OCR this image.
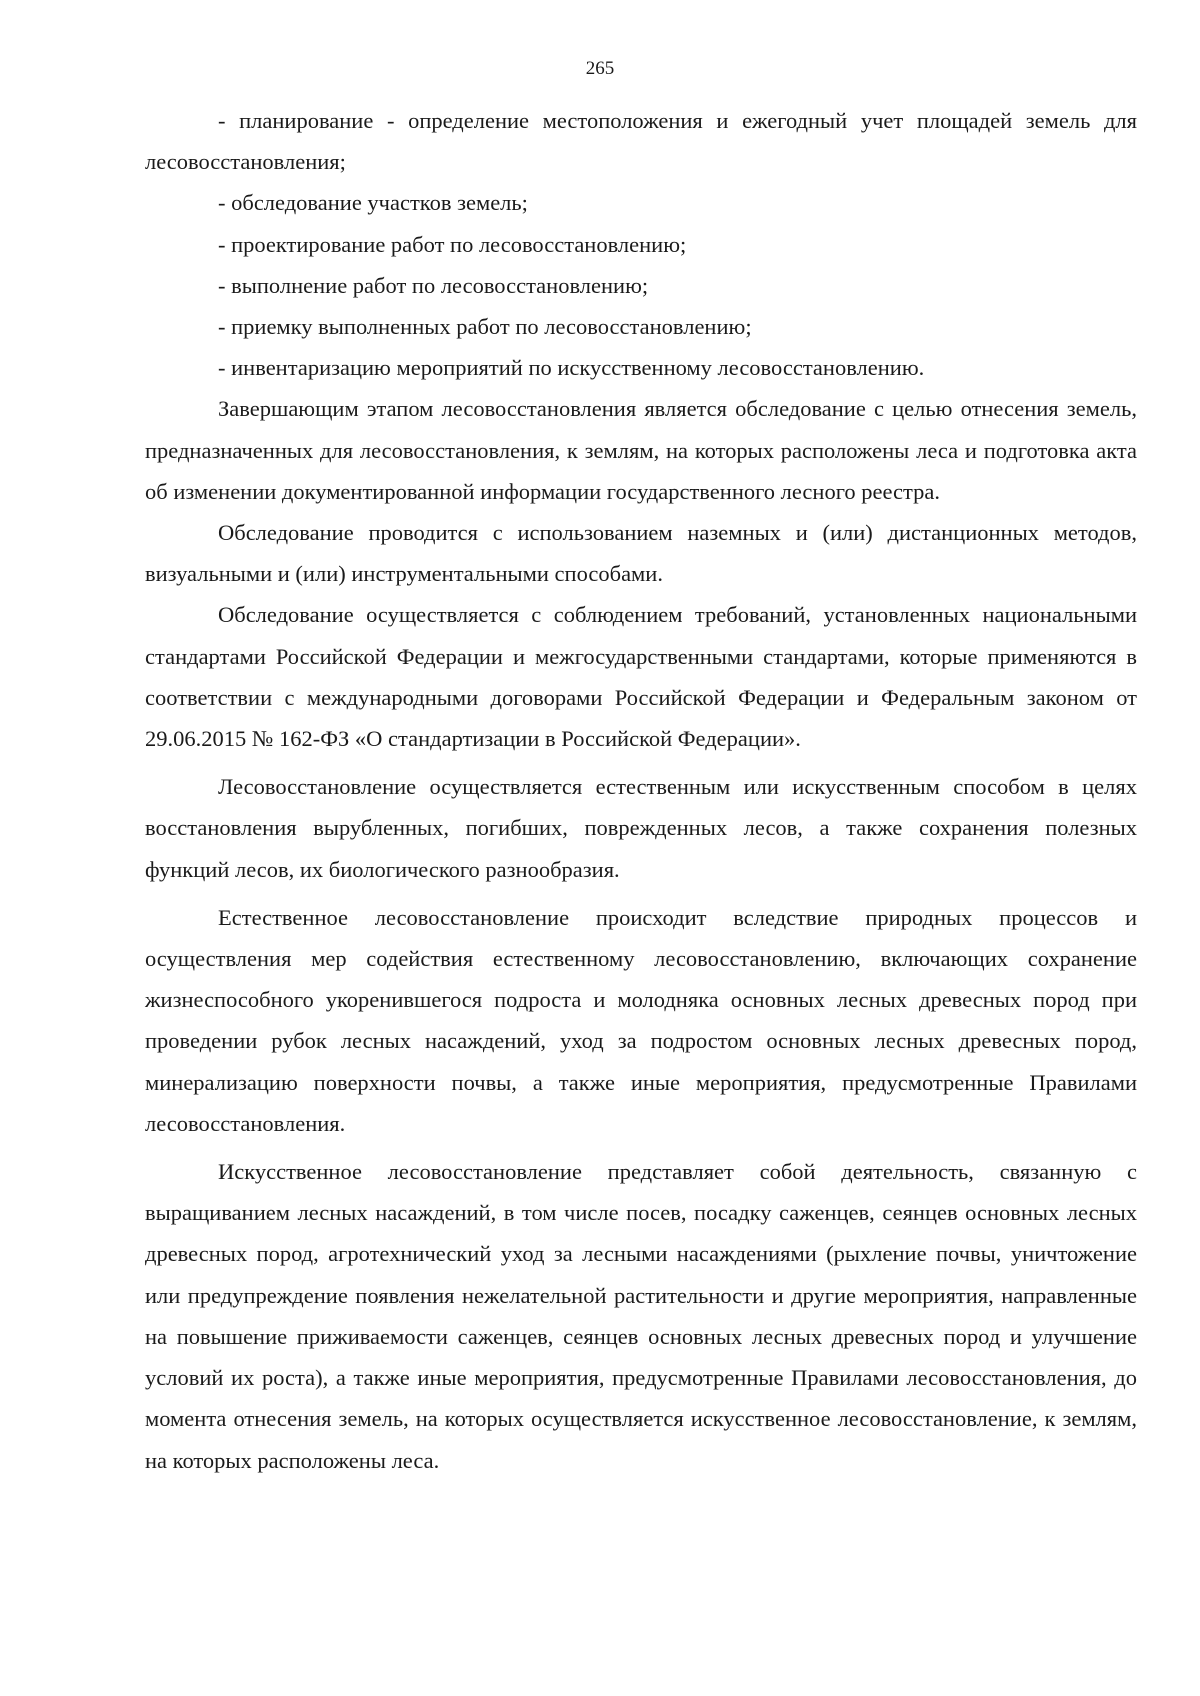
265

- планирование - определение местоположения и ежегодный учет площадей земель для лесовосстановления;

- обследование участков земель;

- проектирование работ по лесовосстановлению;

- выполнение работ по лесовосстановлению;

- приемку выполненных работ по лесовосстановлению;

- инвентаризацию мероприятий по искусственному лесовосстановлению.

Завершающим этапом лесовосстановления является обследование с целью отнесения земель, предназначенных для лесовосстановления, к землям, на которых расположены леса и подготовка акта об изменении документированной информации государственного лесного реестра.

Обследование проводится с использованием наземных и (или) дистанционных методов, визуальными и (или) инструментальными способами.

Обследование осуществляется с соблюдением требований, установленных национальными стандартами Российской Федерации и межгосударственными стандартами, которые применяются в соответствии с международными договорами Российской Федерации и Федеральным законом от 29.06.2015 № 162-ФЗ «О стандартизации в Российской Федерации».

Лесовосстановление осуществляется естественным или искусственным способом в целях восстановления вырубленных, погибших, поврежденных лесов, а также сохранения полезных функций лесов, их биологического разнообразия.

Естественное лесовосстановление происходит вследствие природных процессов и осуществления мер содействия естественному лесовосстановлению, включающих сохранение жизнеспособного укоренившегося подроста и молодняка основных лесных древесных пород при проведении рубок лесных насаждений, уход за подростом основных лесных древесных пород, минерализацию поверхности почвы, а также иные мероприятия, предусмотренные Правилами лесовосстановления.

Искусственное лесовосстановление представляет собой деятельность, связанную с выращиванием лесных насаждений, в том числе посев, посадку саженцев, сеянцев основных лесных древесных пород, агротехнический уход за лесными насаждениями (рыхление почвы, уничтожение или предупреждение появления нежелательной растительности и другие мероприятия, направленные на повышение приживаемости саженцев, сеянцев основных лесных древесных пород и улучшение условий их роста), а также иные мероприятия, предусмотренные Правилами лесовосстановления, до момента отнесения земель, на которых осуществляется искусственное лесовосстановление, к землям, на которых расположены леса.
